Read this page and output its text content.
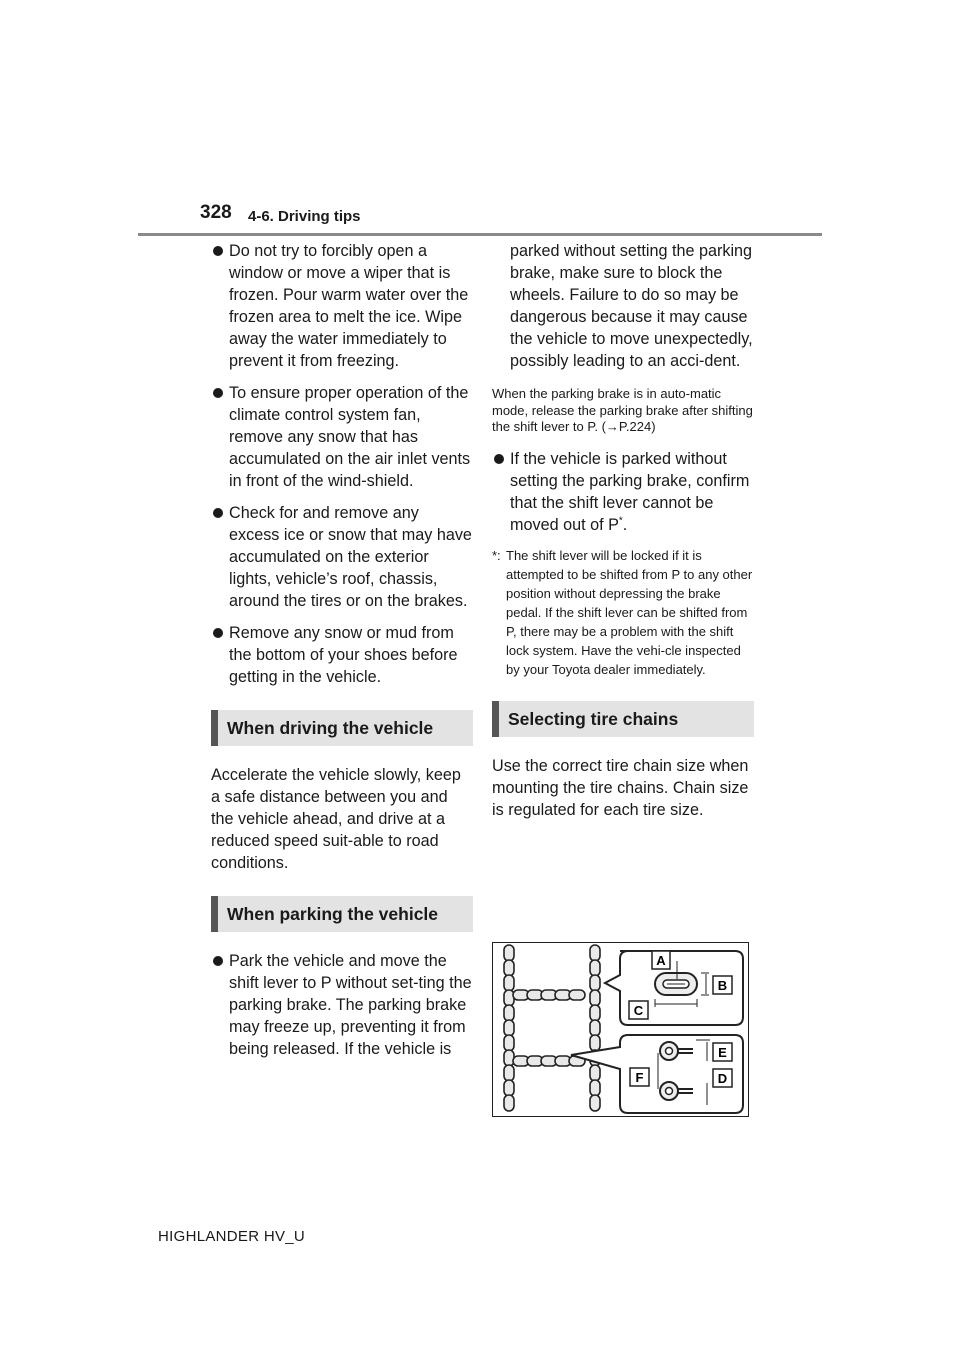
328 4-6. Driving tips

Do not try to forcibly open a window or move a wiper that is frozen. Pour warm water over the frozen area to melt the ice. Wipe away the water immediately to prevent it from freezing.

To ensure proper operation of the climate control system fan, remove any snow that has accumulated on the air inlet vents in front of the wind-shield.

Check for and remove any excess ice or snow that may have accumulated on the exterior lights, vehicle’s roof, chassis, around the tires or on the brakes.

Remove any snow or mud from the bottom of your shoes before getting in the vehicle.

When driving the vehicle

Accelerate the vehicle slowly, keep a safe distance between you and the vehicle ahead, and drive at a reduced speed suit-able to road conditions.

When parking the vehicle

Park the vehicle and move the shift lever to P without set-ting the parking brake. The parking brake may freeze up, preventing it from being released. If the vehicle is

parked without setting the parking brake, make sure to block the wheels. Failure to do so may be dangerous because it may cause the vehicle to move unexpectedly, possibly leading to an acci-dent.

When the parking brake is in auto-matic mode, release the parking brake after shifting the shift lever to P. (→P.224)

If the vehicle is parked without setting the parking brake, confirm that the shift lever cannot be moved out of P*.

*: The shift lever will be locked if it is attempted to be shifted from P to any other position without depressing the brake pedal. If the shift lever can be shifted from P, there may be a problem with the shift lock system. Have the vehi-cle inspected by your Toyota dealer immediately.

Selecting tire chains

Use the correct tire chain size when mounting the tire chains. Chain size is regulated for each tire size.

A
B
C
E
F	D
HIGHLANDER HV_U
